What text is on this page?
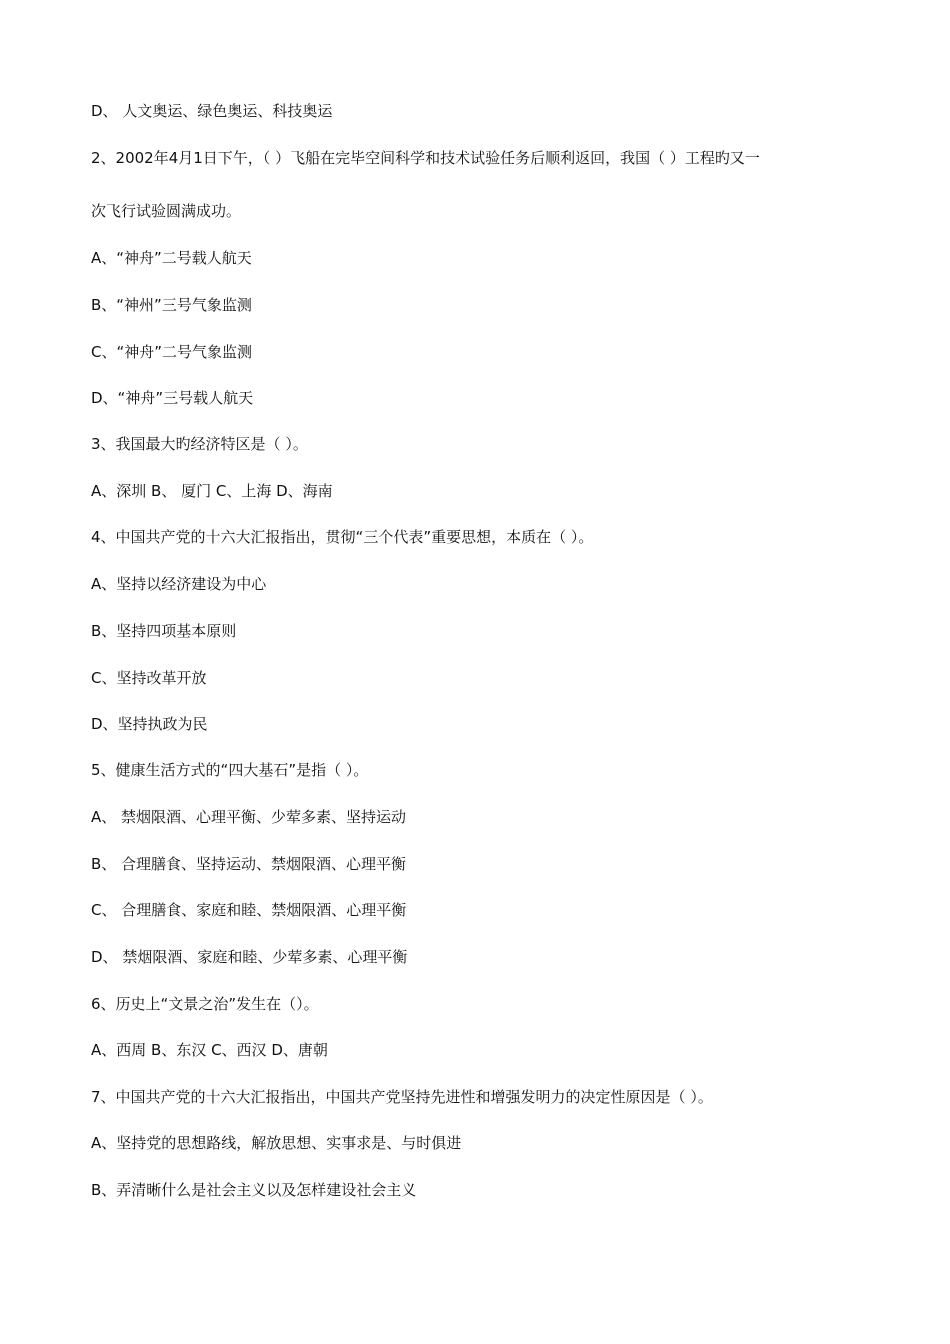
D、 人文奥运、绿色奥运、科技奥运
2、2002年4月1日下午，（ ）飞船在完毕空间科学和技术试验任务后顺利返回，我国（ ）工程旳又一
次飞行试验圆满成功。
A、“神舟”二号载人航天
B、“神州”三号气象监测
C、“神舟”二号气象监测
D、“神舟”三号载人航天
3、我国最大旳经济特区是（ ）。
A、深圳 B、 厦门 C、上海 D、海南
4、中国共产党的十六大汇报指出，贯彻“三个代表”重要思想，本质在（ ）。
A、坚持以经济建设为中心
B、坚持四项基本原则
C、坚持改革开放
D、坚持执政为民
5、健康生活方式的“四大基石”是指（ ）。
A、 禁烟限酒、心理平衡、少荤多素、坚持运动
B、 合理膳食、坚持运动、禁烟限酒、心理平衡
C、 合理膳食、家庭和睦、禁烟限酒、心理平衡
D、 禁烟限酒、家庭和睦、少荤多素、心理平衡
6、历史上“文景之治”发生在（）。
A、西周 B、东汉 C、西汉 D、唐朝
7、中国共产党的十六大汇报指出，中国共产党坚持先进性和增强发明力的决定性原因是（ ）。
A、坚持党的思想路线，解放思想、实事求是、与时俱进
B、弄清晰什么是社会主义以及怎样建设社会主义
